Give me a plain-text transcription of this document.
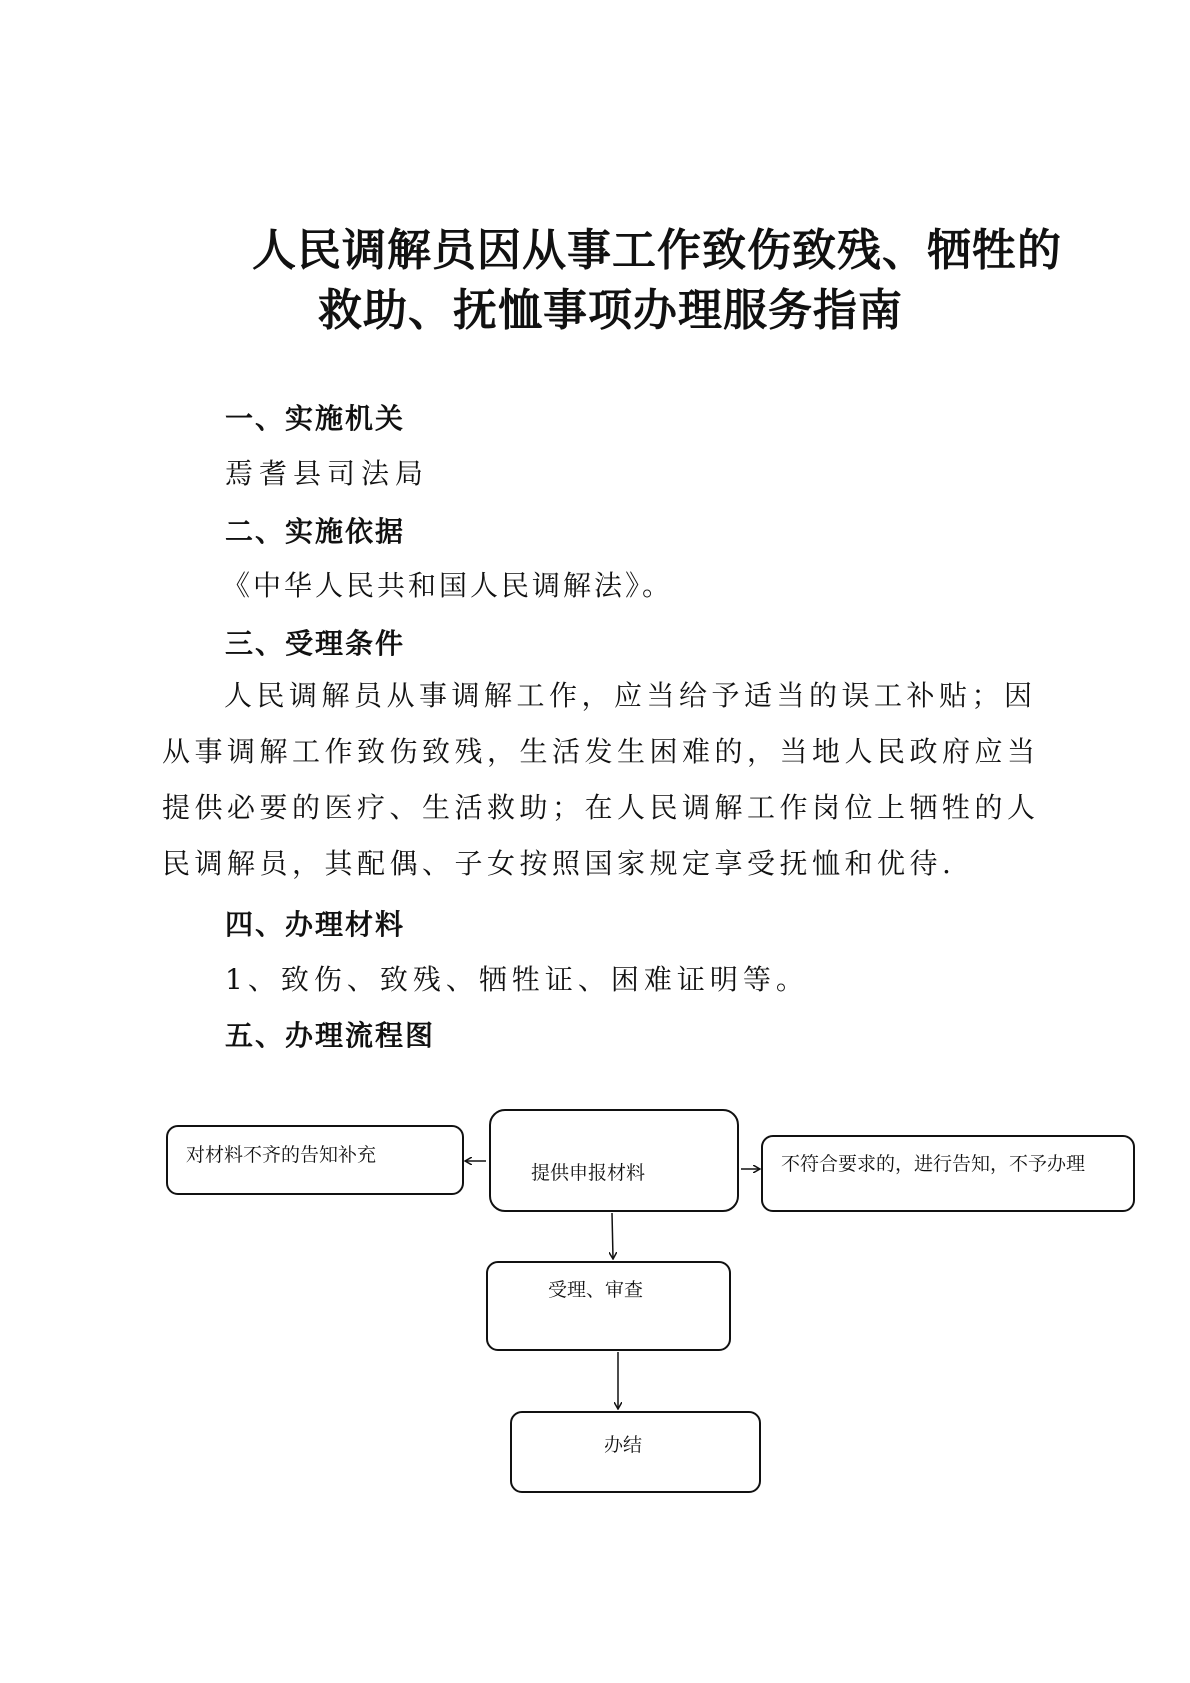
人民调解员因从事工作致伤致残、牺牲的
救助、抚恤事项办理服务指南
一、实施机关

焉耆县司法局

二、实施依据

《中华人民共和国人民调解法》。

三、受理条件

人民调解员从事调解工作，应当给予适当的误工补贴；因从事调解工作致伤致残，生活发生困难的，当地人民政府应当提供必要的医疗、生活救助；在人民调解工作岗位上牺牲的人民调解员，其配偶、子女按照国家规定享受抚恤和优待.

四、办理材料

1、致伤、致残、牺牲证、困难证明等。

五、办理流程图
对材料不齐的告知补充
提供申报材料	不符合要求的，进行告知，不予办理
受理、审查
办结
